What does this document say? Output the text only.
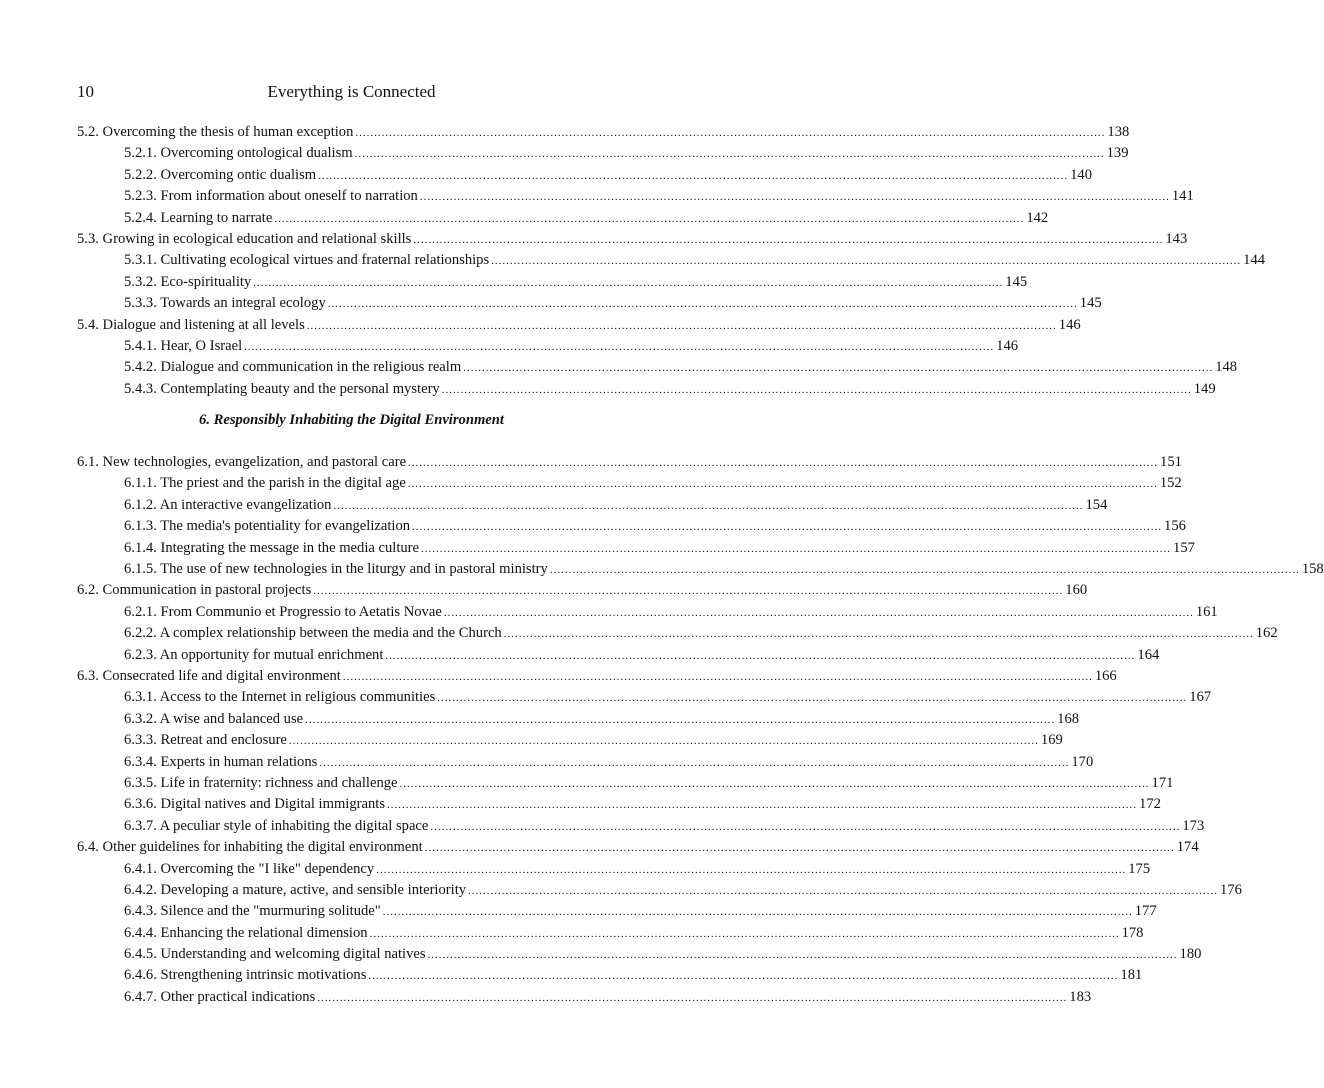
10	Everything is Connected
5.2. Overcoming the thesis of human exception ........................................................................................................................................................................................................ 138
5.2.1. Overcoming ontological dualism ........................................................................................................................................................................................................ 139
5.2.2. Overcoming ontic dualism ........................................................................................................................................................................................................ 140
5.2.3. From information about oneself to narration ........................................................................................................................................................................................................ 141
5.2.4. Learning to narrate ........................................................................................................................................................................................................ 142
5.3. Growing in ecological education and relational skills ........................................................................................................................................................................................................ 143
5.3.1. Cultivating ecological virtues and fraternal relationships ........................................................................................................................................................................................................ 144
5.3.2. Eco-spirituality ........................................................................................................................................................................................................ 145
5.3.3. Towards an integral ecology ........................................................................................................................................................................................................ 145
5.4. Dialogue and listening at all levels ........................................................................................................................................................................................................ 146
5.4.1. Hear, O Israel ........................................................................................................................................................................................................ 146
5.4.2. Dialogue and communication in the religious realm ........................................................................................................................................................................................................ 148
5.4.3. Contemplating beauty and the personal mystery ........................................................................................................................................................................................................ 149
6. Responsibly Inhabiting the Digital Environment
6.1. New technologies, evangelization, and pastoral care ........................................................................................................................................................................................................ 151
6.1.1. The priest and the parish in the digital age ........................................................................................................................................................................................................ 152
6.1.2. An interactive evangelization ........................................................................................................................................................................................................ 154
6.1.3. The media's potentiality for evangelization ........................................................................................................................................................................................................ 156
6.1.4. Integrating the message in the media culture ........................................................................................................................................................................................................ 157
6.1.5. The use of new technologies in the liturgy and in pastoral ministry ........................................................................................................................................................................................................ 158
6.2. Communication in pastoral projects ........................................................................................................................................................................................................ 160
6.2.1. From Communio et Progressio to Aetatis Novae ........................................................................................................................................................................................................ 161
6.2.2. A complex relationship between the media and the Church ........................................................................................................................................................................................................ 162
6.2.3. An opportunity for mutual enrichment ........................................................................................................................................................................................................ 164
6.3. Consecrated life and digital environment ........................................................................................................................................................................................................ 166
6.3.1. Access to the Internet in religious communities ........................................................................................................................................................................................................ 167
6.3.2. A wise and balanced use ........................................................................................................................................................................................................ 168
6.3.3. Retreat and enclosure ........................................................................................................................................................................................................ 169
6.3.4. Experts in human relations ........................................................................................................................................................................................................ 170
6.3.5. Life in fraternity: richness and challenge ........................................................................................................................................................................................................ 171
6.3.6. Digital natives and Digital immigrants ........................................................................................................................................................................................................ 172
6.3.7. A peculiar style of inhabiting the digital space ........................................................................................................................................................................................................ 173
6.4. Other guidelines for inhabiting the digital environment ........................................................................................................................................................................................................ 174
6.4.1. Overcoming the "I like" dependency ........................................................................................................................................................................................................ 175
6.4.2. Developing a mature, active, and sensible interiority ........................................................................................................................................................................................................ 176
6.4.3. Silence and the "murmuring solitude" ........................................................................................................................................................................................................ 177
6.4.4. Enhancing the relational dimension ........................................................................................................................................................................................................ 178
6.4.5. Understanding and welcoming digital natives ........................................................................................................................................................................................................ 180
6.4.6. Strengthening intrinsic motivations ........................................................................................................................................................................................................ 181
6.4.7. Other practical indications ........................................................................................................................................................................................................ 183
